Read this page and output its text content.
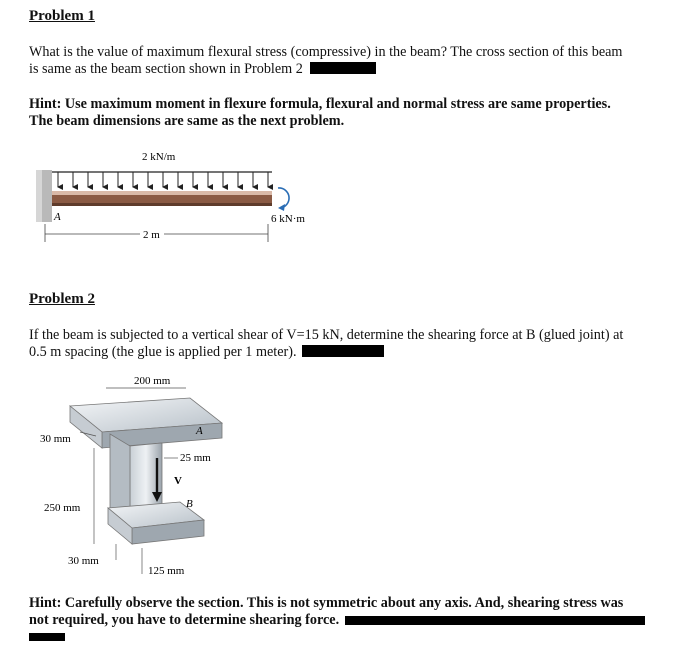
Problem 1
What is the value of maximum flexural stress (compressive) in the beam? The cross section of this beam
is same as the beam section shown in Problem 2
Hint: Use maximum moment in flexure formula, flexural and normal stress are same properties.
The beam dimensions are same as the next problem.
2 kN/m
A	6 kN·m
2 m
Problem 2
If the beam is subjected to a vertical shear of V=15 kN, determine the shearing force at B (glued joint) at
0.5 m spacing (the glue is applied per 1 meter).
V
200 mm
30 mm
A
25 mm
B
250 mm
30 mm
125 mm
Hint: Carefully observe the section. This is not symmetric about any axis. And, shearing stress was
not required, you have to determine shearing force.
